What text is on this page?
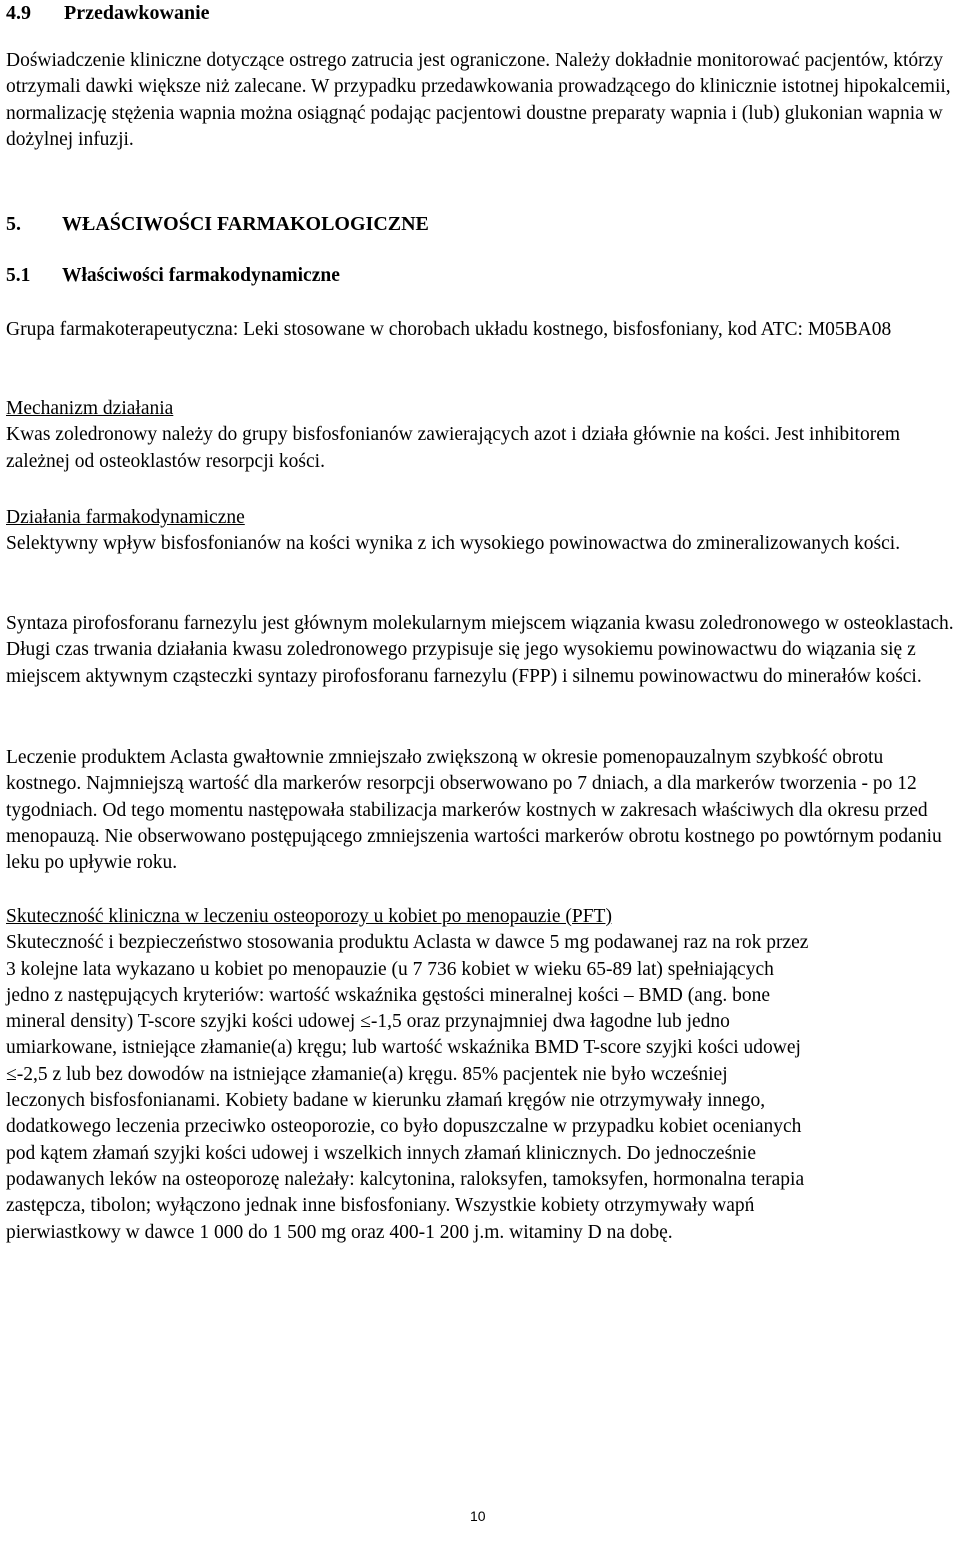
4.9 Przedawkowanie

Doświadczenie kliniczne dotyczące ostrego zatrucia jest ograniczone. Należy dokładnie monitorować pacjentów, którzy otrzymali dawki większe niż zalecane. W przypadku przedawkowania prowadzącego do klinicznie istotnej hipokalcemii, normalizację stężenia wapnia można osiągnąć podając pacjentowi doustne preparaty wapnia i (lub) glukonian wapnia w dożylnej infuzji.

5. WŁAŚCIWOŚCI FARMAKOLOGICZNE
5.1 Właściwości farmakodynamiczne

Grupa farmakoterapeutyczna: Leki stosowane w chorobach układu kostnego, bisfosfoniany, kod ATC: M05BA08

Mechanizm działania
Kwas zoledronowy należy do grupy bisfosfonianów zawierających azot i działa głównie na kości. Jest inhibitorem zależnej od osteoklastów resorpcji kości.
Działania farmakodynamiczne
Selektywny wpływ bisfosfonianów na kości wynika z ich wysokiego powinowactwa do zmineralizowanych kości.

Syntaza pirofosforanu farnezylu jest głównym molekularnym miejscem wiązania kwasu zoledronowego w osteoklastach. Długi czas trwania działania kwasu zoledronowego przypisuje się jego wysokiemu powinowactwu do wiązania się z miejscem aktywnym cząsteczki syntazy pirofosforanu farnezylu (FPP) i silnemu powinowactwu do minerałów kości.

Leczenie produktem Aclasta gwałtownie zmniejszało zwiększoną w okresie pomenopauzalnym szybkość obrotu kostnego. Najmniejszą wartość dla markerów resorpcji obserwowano po 7 dniach, a dla markerów tworzenia - po 12 tygodniach. Od tego momentu następowała stabilizacja markerów kostnych w zakresach właściwych dla okresu przed menopauzą. Nie obserwowano postępującego zmniejszenia wartości markerów obrotu kostnego po powtórnym podaniu leku po upływie roku.

Skuteczność kliniczna w leczeniu osteoporozy u kobiet po menopauzie (PFT)
Skuteczność i bezpieczeństwo stosowania produktu Aclasta w dawce 5 mg podawanej raz na rok przez
3 kolejne lata wykazano u kobiet po menopauzie (u 7 736 kobiet w wieku 65-89 lat) spełniających
jedno z następujących kryteriów: wartość wskaźnika gęstości mineralnej kości – BMD (ang. bone
mineral density) T-score szyjki kości udowej ≤-1,5 oraz przynajmniej dwa łagodne lub jedno
umiarkowane, istniejące złamanie(a) kręgu; lub wartość wskaźnika BMD T-score szyjki kości udowej
≤-2,5 z lub bez dowodów na istniejące złamanie(a) kręgu. 85% pacjentek nie było wcześniej
leczonych bisfosfonianami. Kobiety badane w kierunku złamań kręgów nie otrzymywały innego,
dodatkowego leczenia przeciwko osteoporozie, co było dopuszczalne w przypadku kobiet ocenianych
pod kątem złamań szyjki kości udowej i wszelkich innych złamań klinicznych. Do jednocześnie
podawanych leków na osteoporozę należały: kalcytonina, raloksyfen, tamoksyfen, hormonalna terapia
zastępcza, tibolon; wyłączono jednak inne bisfosfoniany. Wszystkie kobiety otrzymywały wapń
pierwiastkowy w dawce 1 000 do 1 500 mg oraz 400-1 200 j.m. witaminy D na dobę.
10
